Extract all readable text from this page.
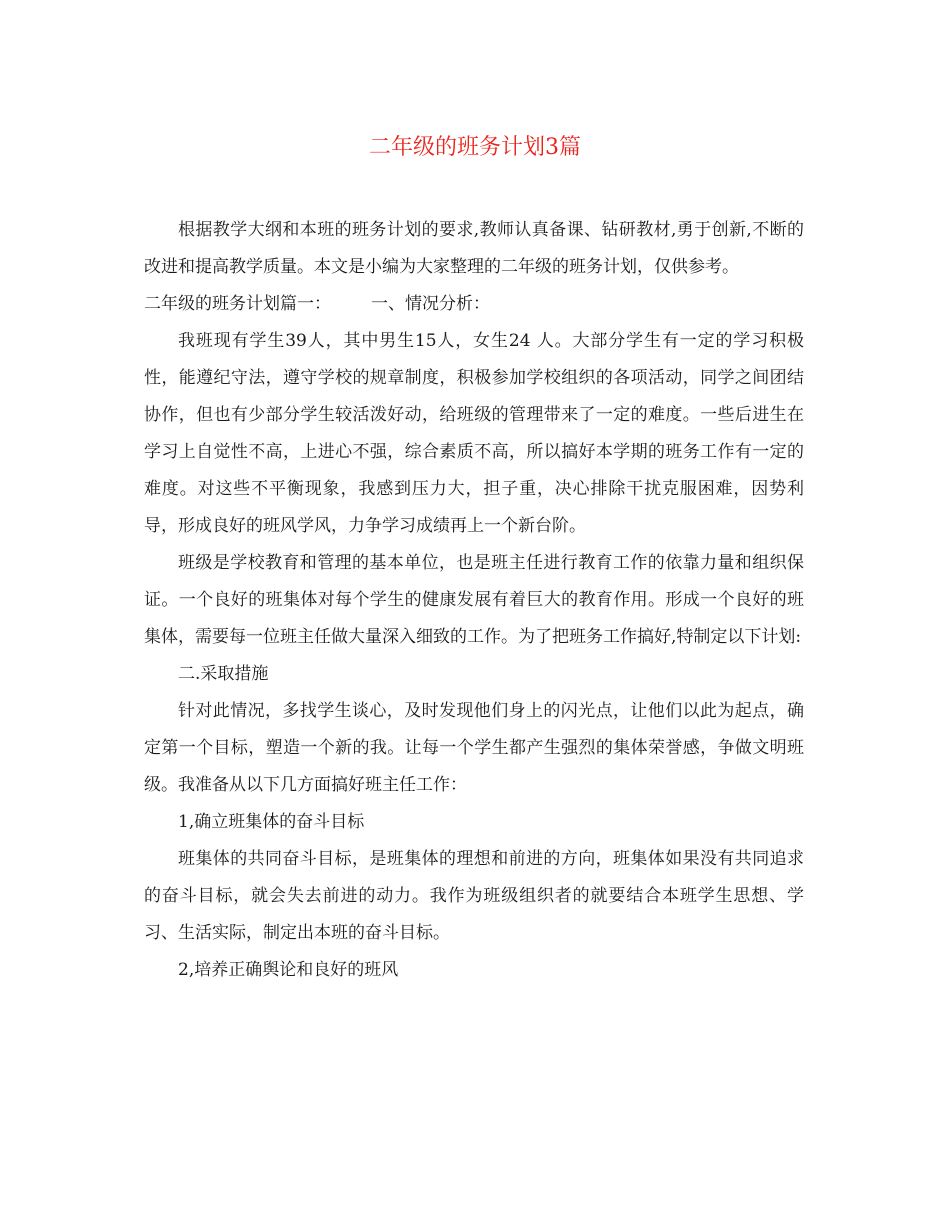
二年级的班务计划3篇

根据教学大纲和本班的班务计划的要求,教师认真备课、钻研教材,勇于创新,不断的改进和提高教学质量。本文是小编为大家整理的二年级的班务计划，仅供参考。

二年级的班务计划篇一： 一、情况分析：

我班现有学生39人，其中男生15人，女生24 人。大部分学生有一定的学习积极性，能遵纪守法，遵守学校的规章制度，积极参加学校组织的各项活动，同学之间团结协作，但也有少部分学生较活泼好动，给班级的管理带来了一定的难度。一些后进生在学习上自觉性不高，上进心不强，综合素质不高，所以搞好本学期的班务工作有一定的难度。对这些不平衡现象，我感到压力大，担子重，决心排除干扰克服困难，因势利导，形成良好的班风学风，力争学习成绩再上一个新台阶。

班级是学校教育和管理的基本单位，也是班主任进行教育工作的依靠力量和组织保证。一个良好的班集体对每个学生的健康发展有着巨大的教育作用。形成一个良好的班集体，需要每一位班主任做大量深入细致的工作。为了把班务工作搞好,特制定以下计划:

二.采取措施

针对此情况，多找学生谈心，及时发现他们身上的闪光点，让他们以此为起点，确定第一个目标，塑造一个新的我。让每一个学生都产生强烈的集体荣誉感，争做文明班级。我准备从以下几方面搞好班主任工作：

1,确立班集体的奋斗目标

班集体的共同奋斗目标，是班集体的理想和前进的方向，班集体如果没有共同追求的奋斗目标，就会失去前进的动力。我作为班级组织者的就要结合本班学生思想、学习、生活实际，制定出本班的奋斗目标。

2,培养正确舆论和良好的班风
